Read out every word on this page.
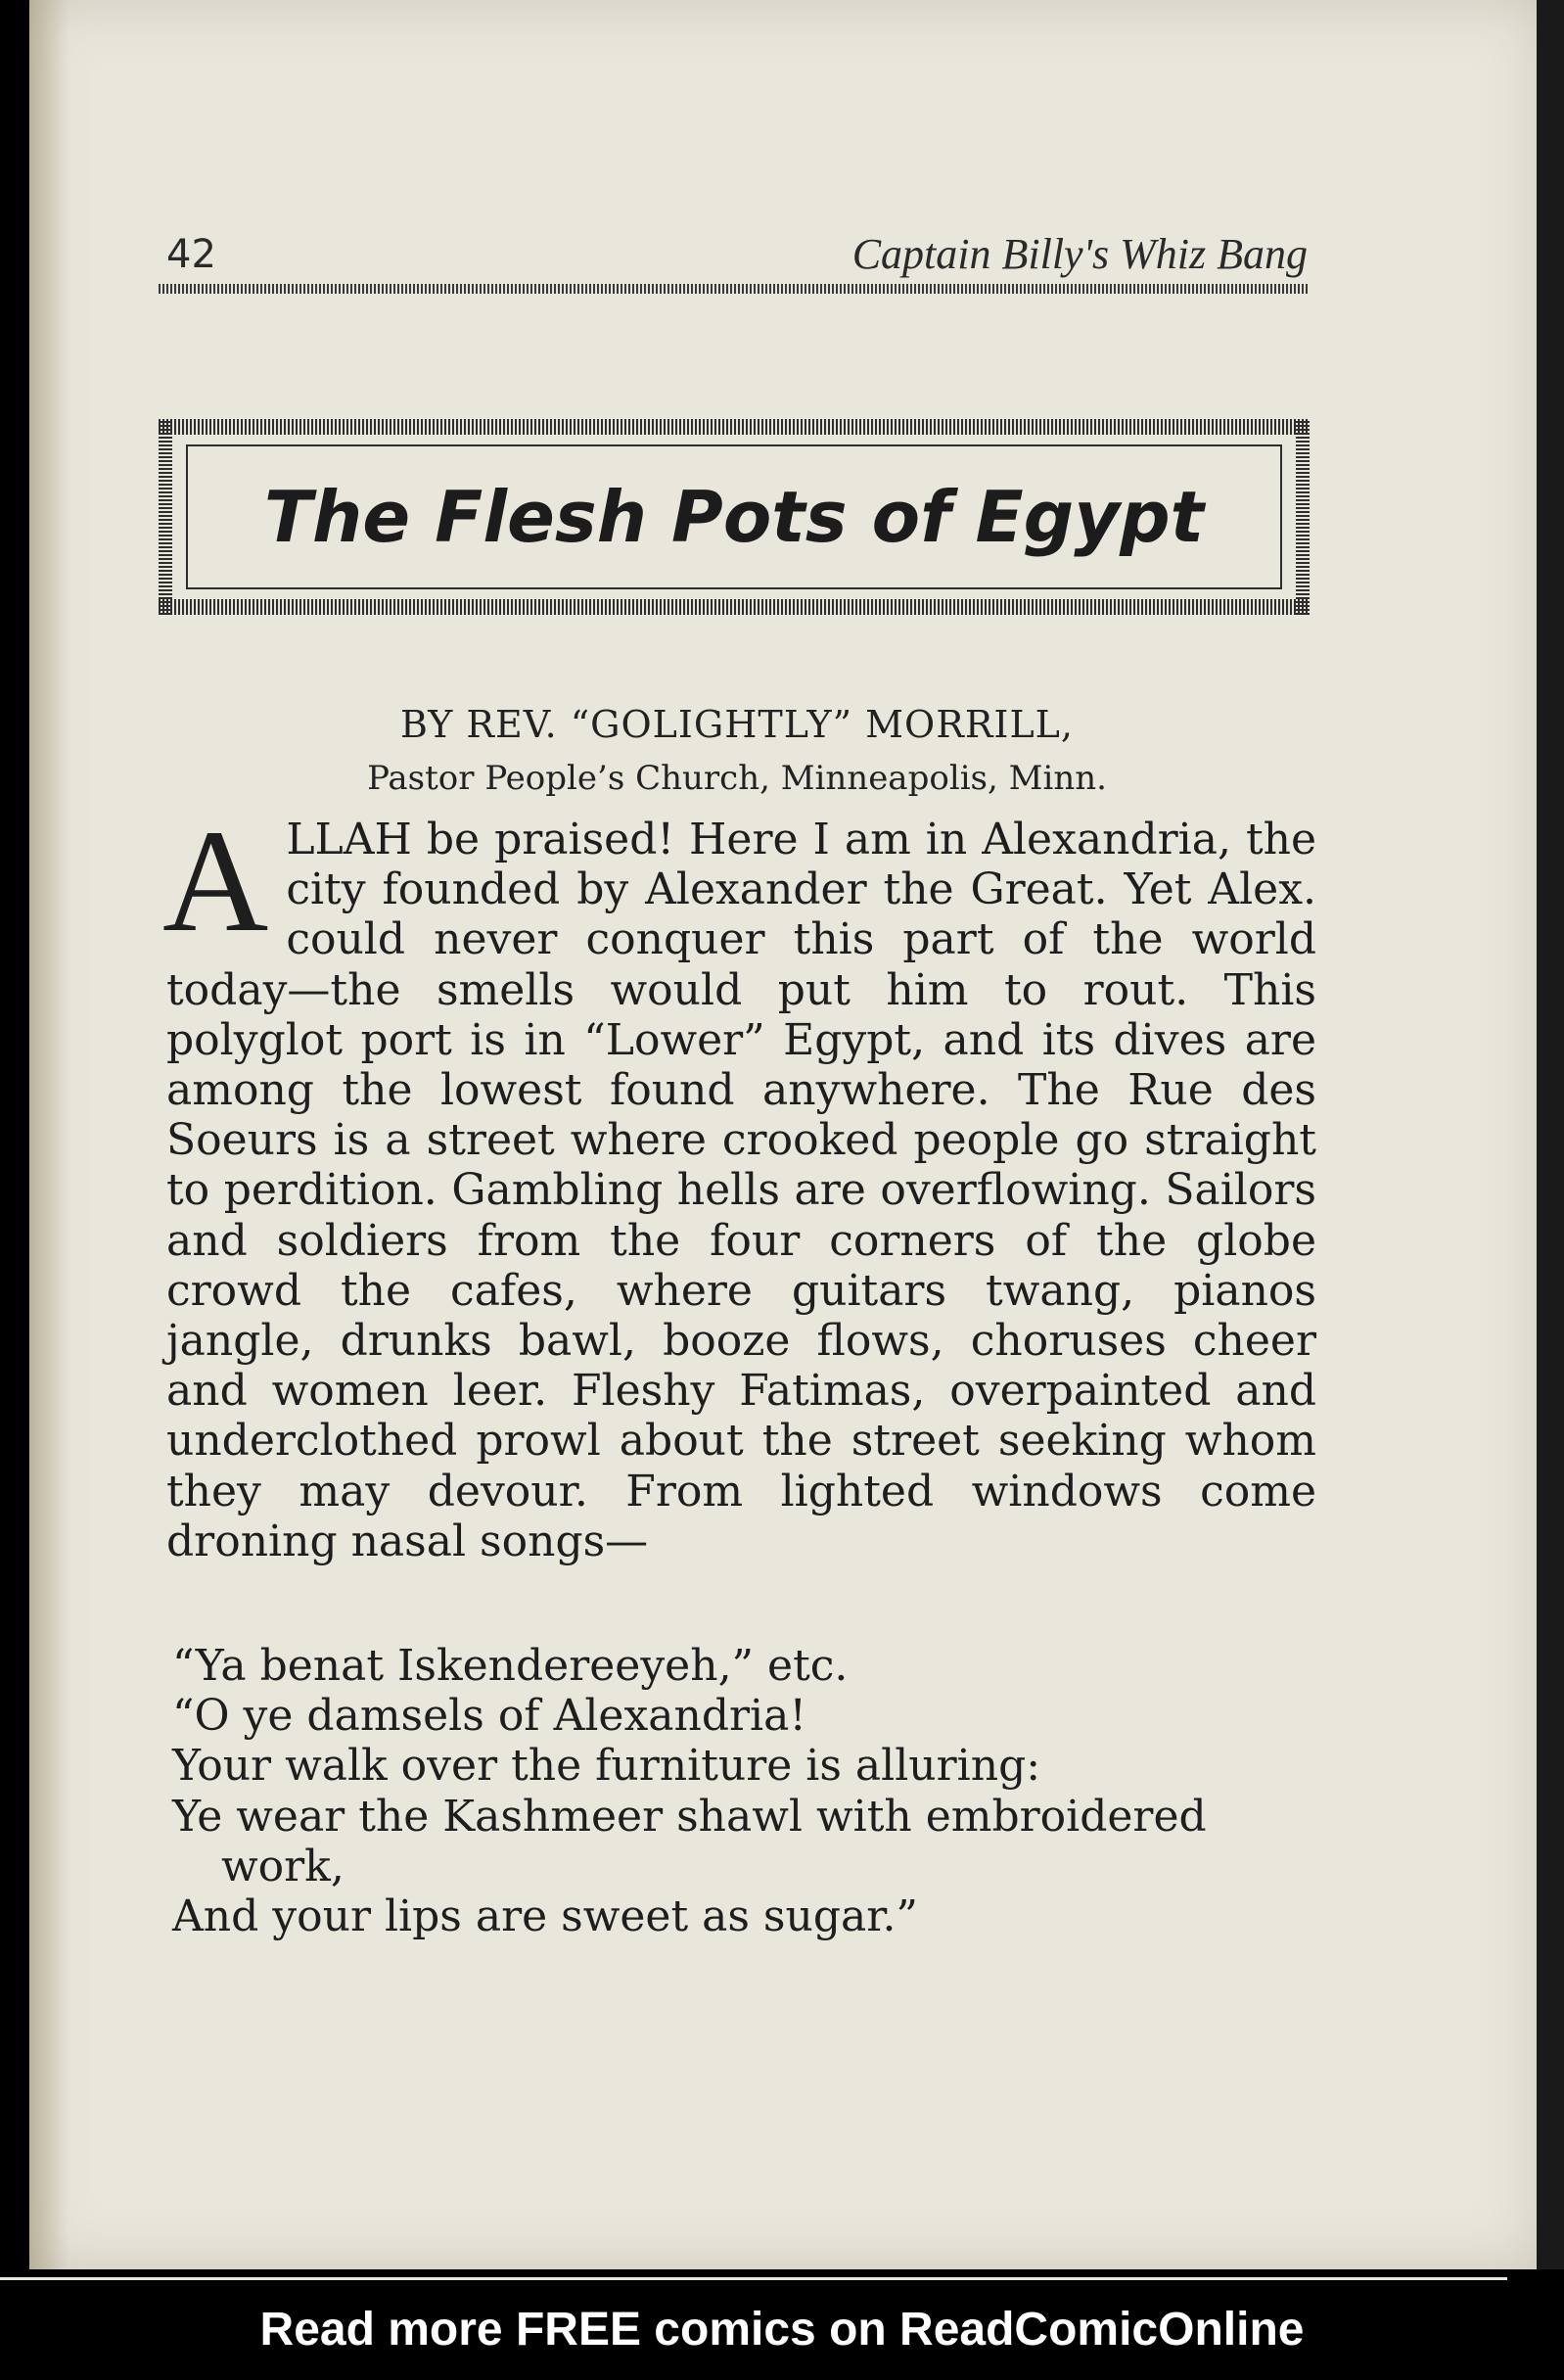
42	Captain Billy's Whiz Bang
The Flesh Pots of Egypt
BY REV. “GOLIGHTLY” MORRILL,
Pastor People’s Church, Minneapolis, Minn.
ALLAH be praised! Here I am in Alexandria, the city founded by Alexander the Great. Yet Alex. could never conquer this part of the world today—the smells would put him to rout. This polyglot port is in “Lower” Egypt, and its dives are among the lowest found anywhere. The Rue des Soeurs is a street where crooked people go straight to perdition. Gambling hells are overflowing. Sailors and soldiers from the four corners of the globe crowd the cafes, where guitars twang, pianos jangle, drunks bawl, booze flows, choruses cheer and women leer. Fleshy Fatimas, overpainted and underclothed prowl about the street seeking whom they may devour. From lighted windows come droning nasal songs—
“Ya benat Iskendereeyeh,” etc.
“O ye damsels of Alexandria!
Your walk over the furniture is alluring:
Ye wear the Kashmeer shawl with embroidered
work,
And your lips are sweet as sugar.”
Read more FREE comics on ReadComicOnline
